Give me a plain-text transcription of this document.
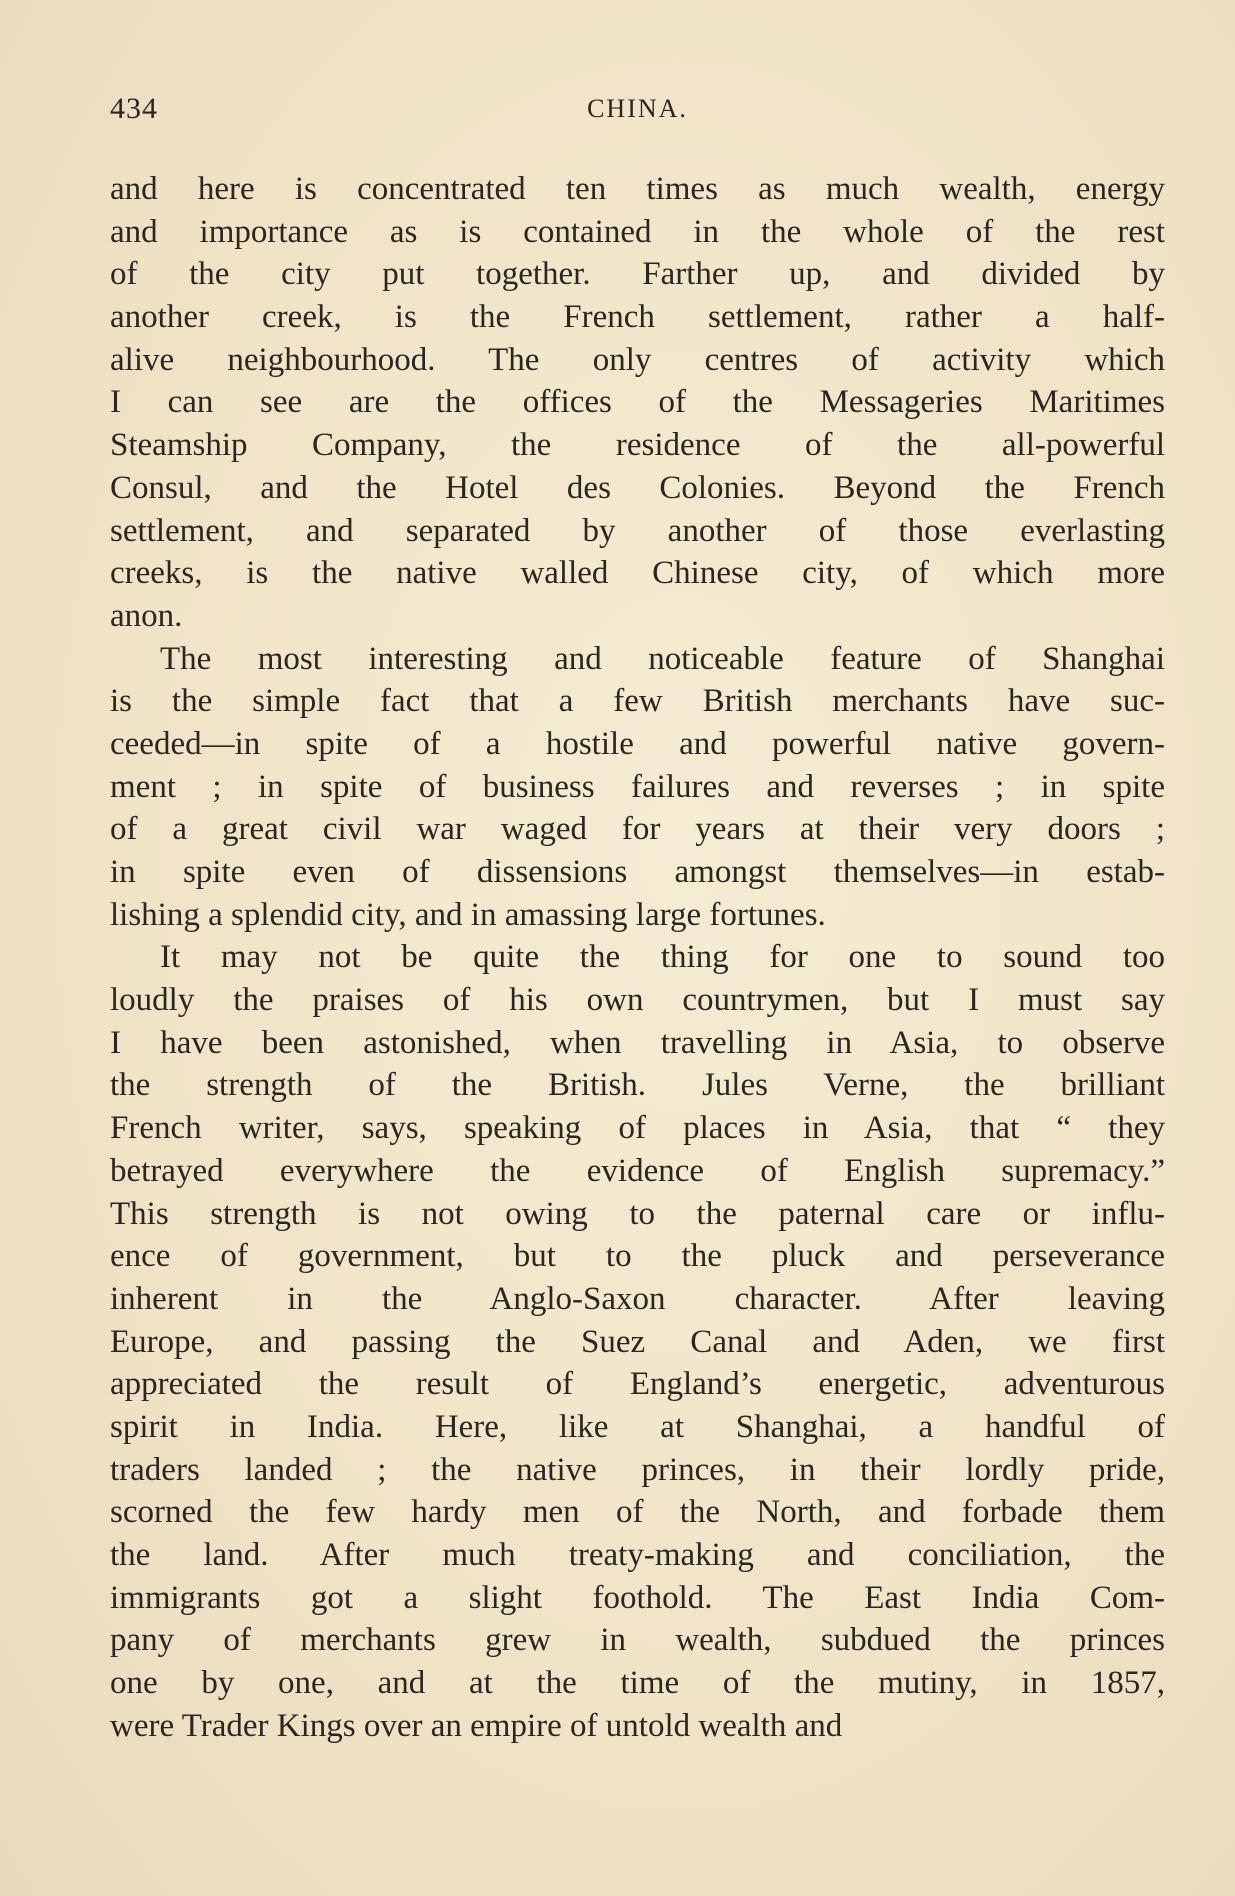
434	CHINA.
and here is concentrated ten times as much wealth, energy
and importance as is contained in the whole of the rest
of the city put together. Farther up, and divided by
another creek, is the French settlement, rather a half-
alive neighbourhood. The only centres of activity which
I can see are the offices of the Messageries Maritimes
Steamship Company, the residence of the all-powerful
Consul, and the Hotel des Colonies. Beyond the French
settlement, and separated by another of those everlasting
creeks, is the native walled Chinese city, of which more
anon.
The most interesting and noticeable feature of Shanghai
is the simple fact that a few British merchants have suc-
ceeded—in spite of a hostile and powerful native govern-
ment ; in spite of business failures and reverses ; in spite
of a great civil war waged for years at their very doors ;
in spite even of dissensions amongst themselves—in estab-
lishing a splendid city, and in amassing large fortunes.
It may not be quite the thing for one to sound too
loudly the praises of his own countrymen, but I must say
I have been astonished, when travelling in Asia, to observe
the strength of the British. Jules Verne, the brilliant
French writer, says, speaking of places in Asia, that “ they
betrayed everywhere the evidence of English supremacy.”
This strength is not owing to the paternal care or influ-
ence of government, but to the pluck and perseverance
inherent in the Anglo-Saxon character. After leaving
Europe, and passing the Suez Canal and Aden, we first
appreciated the result of England’s energetic, adventurous
spirit in India. Here, like at Shanghai, a handful of
traders landed ; the native princes, in their lordly pride,
scorned the few hardy men of the North, and forbade them
the land. After much treaty-making and conciliation, the
immigrants got a slight foothold. The East India Com-
pany of merchants grew in wealth, subdued the princes
one by one, and at the time of the mutiny, in 1857,
were Trader Kings over an empire of untold wealth and
